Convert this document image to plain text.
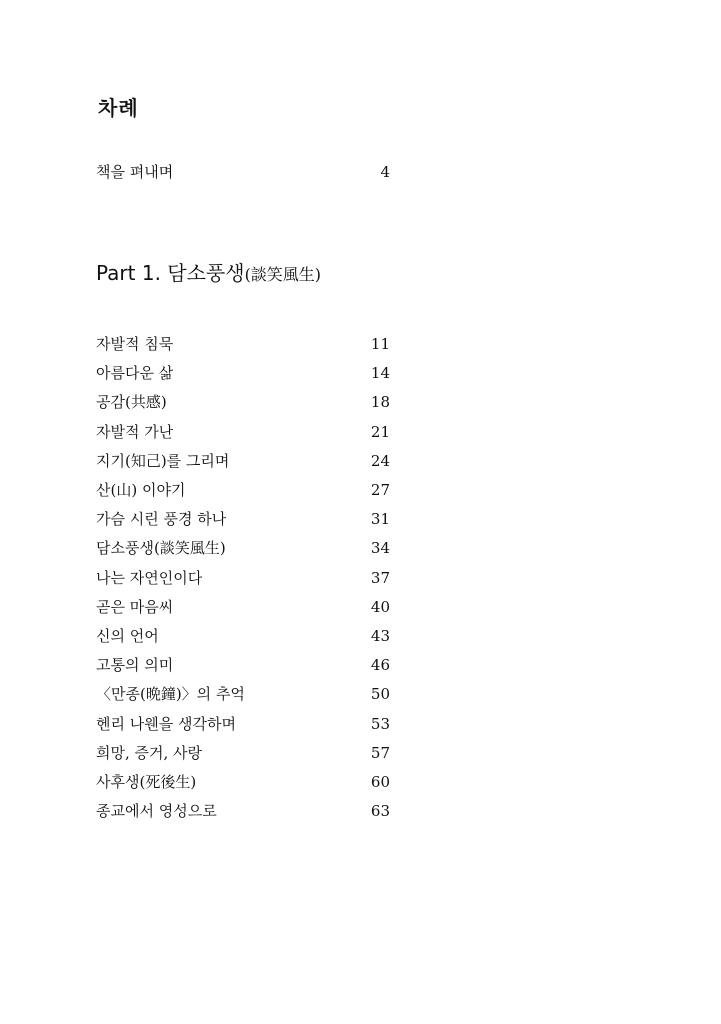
차례
책을 펴내며	4
Part 1. 담소풍생(談笑風生)
자발적 침묵	11
아름다운 삶	14
공감(共感)	18
자발적 가난	21
지기(知己)를 그리며	24
산(山) 이야기	27
가슴 시린 풍경 하나	31
담소풍생(談笑風生)	34
나는 자연인이다	37
곧은 마음씨	40
신의 언어	43
고통의 의미	46
〈만종(晩鐘)〉의 추억	50
헨리 나웬을 생각하며	53
희망, 증거, 사랑	57
사후생(死後生)	60
종교에서 영성으로	63
